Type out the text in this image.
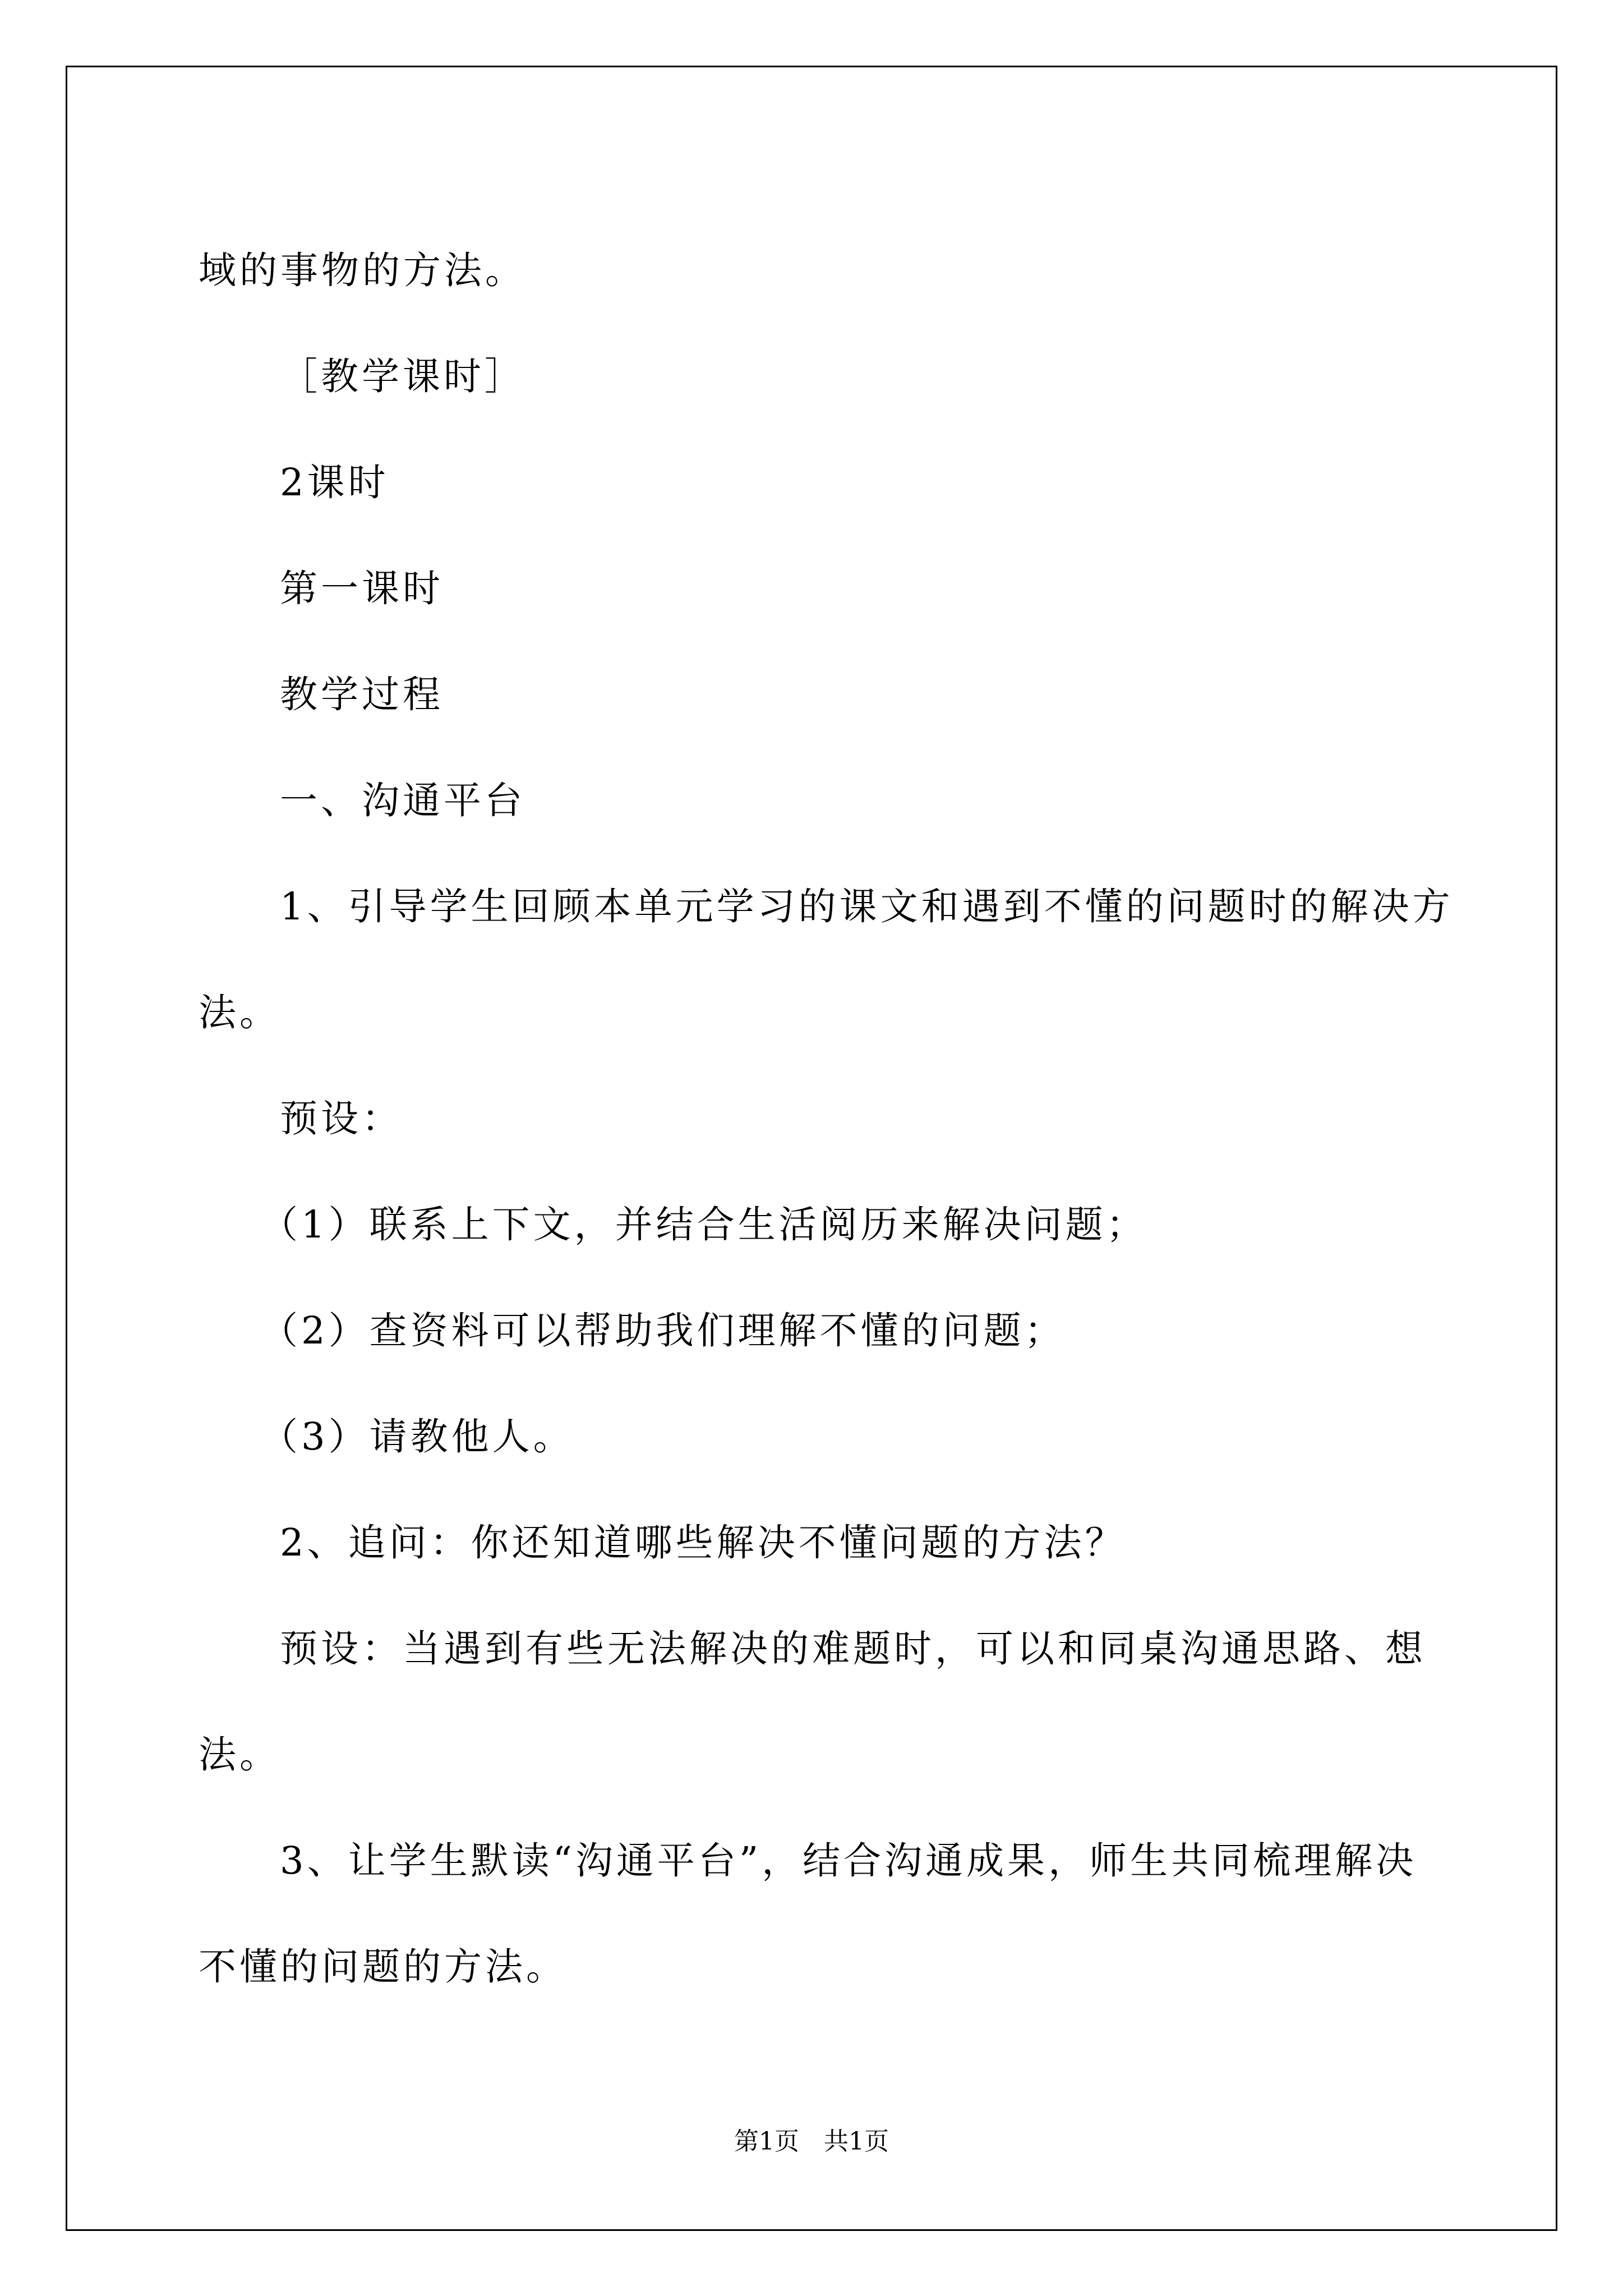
域的事物的方法。
［教学课时］
2课时
第一课时
教学过程
一、沟通平台
1、引导学生回顾本单元学习的课文和遇到不懂的问题时的解决方
法。
预设：
（1）联系上下文，并结合生活阅历来解决问题；
（2）查资料可以帮助我们理解不懂的问题；
（3）请教他人。
2、追问：你还知道哪些解决不懂问题的方法？
预设：当遇到有些无法解决的难题时，可以和同桌沟通思路、想
法。
3、让学生默读“沟通平台”，结合沟通成果，师生共同梳理解决
不懂的问题的方法。
第1页　共1页
